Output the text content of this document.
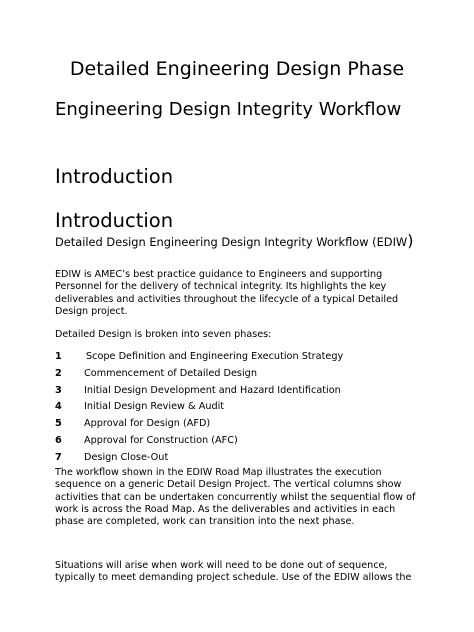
Detailed Engineering Design Phase
Engineering Design Integrity Workflow
Introduction
Introduction
Detailed Design Engineering Design Integrity Workflow (EDIW)
EDIW is AMEC’s best practice guidance to Engineers and supporting Personnel for the delivery of technical integrity. Its highlights the key deliverables and activities throughout the lifecycle of a typical Detailed Design project.
Detailed Design is broken into seven phases:
1	Scope Definition and Engineering Execution Strategy
2	Commencement of Detailed Design
3	Initial Design Development and Hazard Identification
4	Initial Design Review & Audit
5	Approval for Design (AFD)
6	Approval for Construction (AFC)
7	Design Close-Out
The workflow shown in the EDIW Road Map illustrates the execution sequence on a generic Detail Design Project. The vertical columns show activities that can be undertaken concurrently whilst the sequential flow of work is across the Road Map. As the deliverables and activities in each phase are completed, work can transition into the next phase.
Situations will arise when work will need to be done out of sequence, typically to meet demanding project schedule. Use of the EDIW allows the
